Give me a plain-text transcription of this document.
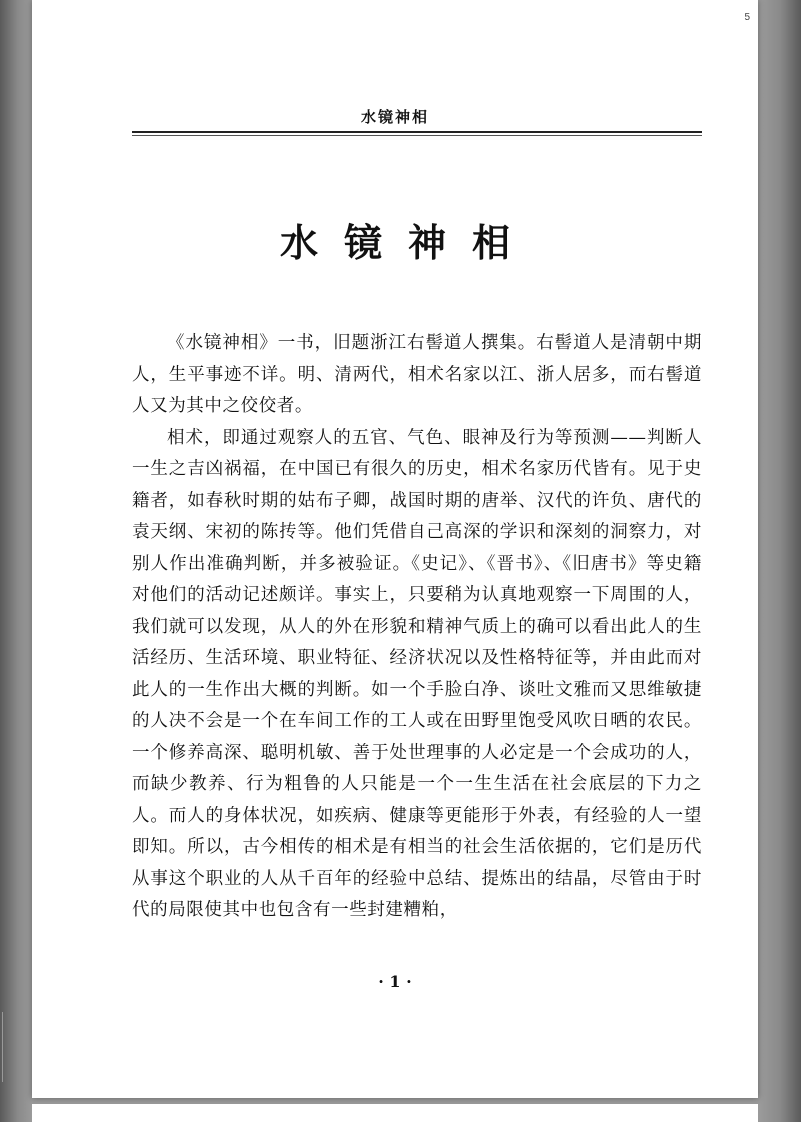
5
水镜神相
水镜神相

《水镜神相》一书，旧题浙江右髻道人撰集。右髻道人是清朝中期人，生平事迹不详。明、清两代，相术名家以江、浙人居多，而右髻道人又为其中之佼佼者。

相术，即通过观察人的五官、气色、眼神及行为等预测——判断人一生之吉凶祸福，在中国已有很久的历史，相术名家历代皆有。见于史籍者，如春秋时期的姑布子卿，战国时期的唐举、汉代的许负、唐代的袁天纲、宋初的陈抟等。他们凭借自己高深的学识和深刻的洞察力，对别人作出准确判断，并多被验证。《史记》、《晋书》、《旧唐书》等史籍对他们的活动记述颇详。事实上，只要稍为认真地观察一下周围的人，我们就可以发现，从人的外在形貌和精神气质上的确可以看出此人的生活经历、生活环境、职业特征、经济状况以及性格特征等，并由此而对此人的一生作出大概的判断。如一个手脸白净、谈吐文雅而又思维敏捷的人决不会是一个在车间工作的工人或在田野里饱受风吹日晒的农民。一个修养高深、聪明机敏、善于处世理事的人必定是一个会成功的人，而缺少教养、行为粗鲁的人只能是一个一生生活在社会底层的下力之人。而人的身体状况，如疾病、健康等更能形于外表，有经验的人一望即知。所以，古今相传的相术是有相当的社会生活依据的，它们是历代从事这个职业的人从千百年的经验中总结、提炼出的结晶，尽管由于时代的局限使其中也包含有一些封建糟粕，

· 1 ·
